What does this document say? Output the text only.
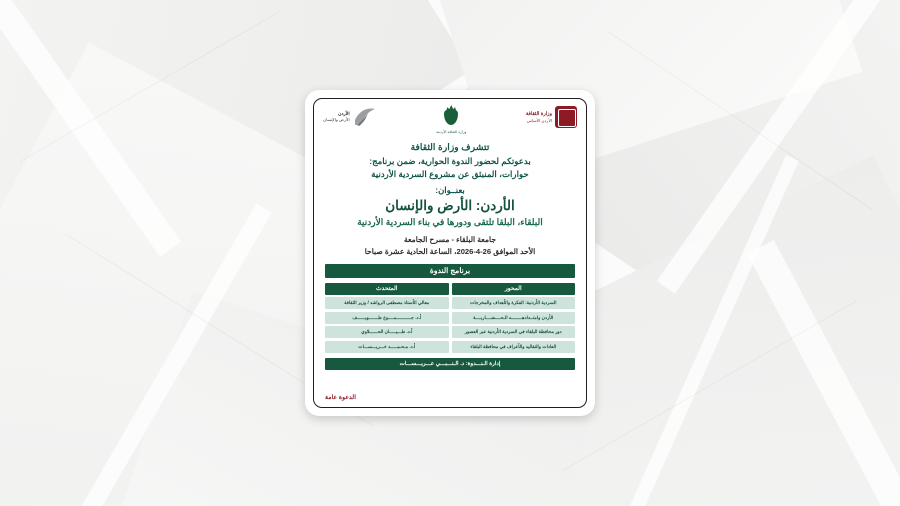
وزارة الثقافة
الأردن الأساس
وزارة الثقافة الأردنية
الأردن
الأرض والإنسان
تتشرف وزارة الثقافة
بدعوتكم لحضور الندوة الحوارية، ضمن برنامج:
حوارات، المنبثق عن مشروع السردية الأردنية
بعنــوان:
الأردن: الأرض والإنسان
البلقاء، البلقا تلتقى ودورها في بناء السردية الأردنية
جامعة البلقاء - مسرح الجامعة
الأحد الموافق 26-4-2026، الساعة الحادية عشرة صباحا
برنامج الندوة
المحور
المتحدث
السردية الأردنية: الفكرة والأهداف والمخرجات
معالي الأستاذ مصطفى الرواشد / وزير الثقافة
الأردن وامتــدادهــــــــه الـحــــضــــاريــــة
أ.د. جـــــــــــمــــوع طـــــــويــــــف
دور محافظة البلقاء في السردية الأردنية عبر العصور
أ.د. طـــيـــــان الحــــــلاوي
العادات والتقاليد والأعراف في محافظة البلقاء
أ.د. مـحـمـــــد خـــريـــســـات
إدارة الـنـــدوة: د. الـنـــبـــي عـــريـــســـات
الدعوة عامة
